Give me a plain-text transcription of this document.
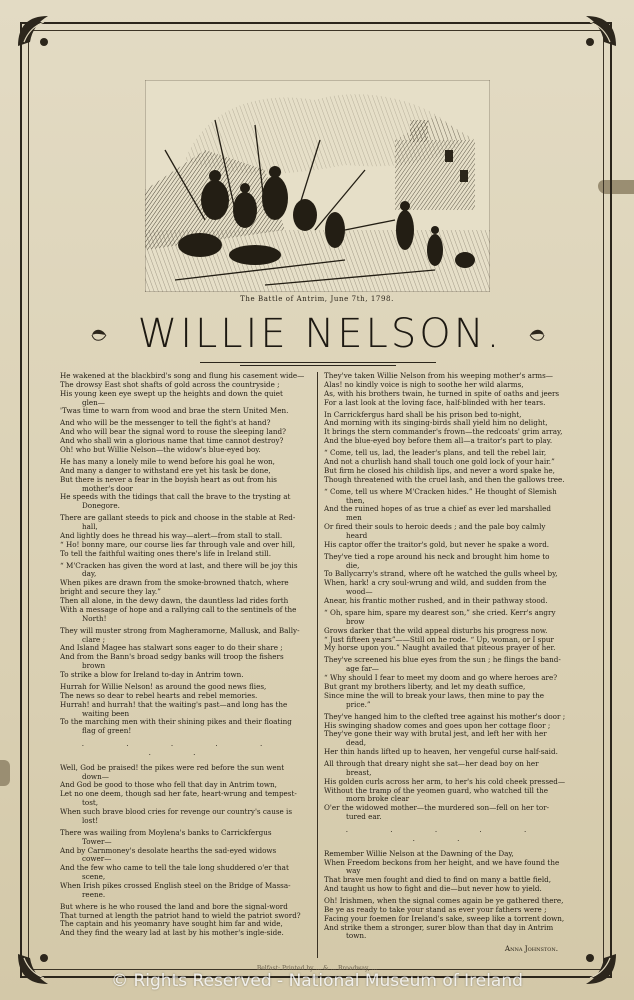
The Battle of Antrim, June 7th, 1798.
WILLIE NELSON.

He wakened at the blackbird's song and flung his casement wide—
The drowsy East shot shafts of gold across the countryside ;
His young keen eye swept up the heights and down the quiet
glen—
'Twas time to warn from wood and brae the stern United Men.

And who will be the messenger to tell the fight's at hand?
And who will bear the signal word to rouse the sleeping land?
And who shall win a glorious name that time cannot destroy?
Oh! who but Willie Nelson—the widow's blue-eyed boy.

He has many a lonely mile to wend before his goal he won,
And many a danger to withstand ere yet his task be done,
But there is never a fear in the boyish heart as out from his
mother's door
He speeds with the tidings that call the brave to the trysting at
Donegore.

There are gallant steeds to pick and choose in the stable at Red-
hall,
And lightly does he thread his way—alert—from stall to stall.
“ Ho! bonny mare, our course lies far through vale and over hill,
To tell the faithful waiting ones there's life in Ireland still.

“ M'Cracken has given the word at last, and there will be joy this
day,
When pikes are drawn from the smoke-browned thatch, where
bright and secure they lay.”
Then all alone, in the dewy dawn, the dauntless lad rides forth
With a message of hope and a rallying call to the sentinels of the
North!

They will muster strong from Magheramorne, Mallusk, and Bally-
clare ;
And Island Magee has stalwart sons eager to do their share ;
And from the Bann's broad sedgy banks will troop the fishers
brown
To strike a blow for Ireland to-day in Antrim town.

Hurrah for Willie Nelson! as around the good news flies,
The news so dear to rebel hearts and rebel memories.
Hurrah! and hurrah! that the waiting's past—and long has the
waiting been
To the marching men with their shining pikes and their floating
flag of green!

. . . . . . .

Well, God be praised! the pikes were red before the sun went
down—
And God be good to those who fell that day in Antrim town,
Let no one deem, though sad her fate, heart-wrung and tempest-
tost,
When such brave blood cries for revenge our country's cause is
lost!

There was wailing from Moylena's banks to Carrickfergus
Tower—
And by Carnmoney's desolate hearths the sad-eyed widows
cower—
And the few who came to tell the tale long shuddered o'er that
scene,
When Irish pikes crossed English steel on the Bridge of Massa-
reene.

But where is he who roused the land and bore the signal-word
That turned at length the patriot hand to wield the patriot sword?
The captain and his yeomanry have sought him far and wide,
And they find the weary lad at last by his mother's ingle-side.

They've taken Willie Nelson from his weeping mother's arms—
Alas! no kindly voice is nigh to soothe her wild alarms,
As, with his brothers twain, he turned in spite of oaths and jeers
For a last look at the loving face, half-blinded with her tears.

In Carrickfergus hard shall be his prison bed to-night,
And morning with its singing-birds shall yield him no delight,
It brings the stern commander's frown—the redcoats' grim array,
And the blue-eyed boy before them all—a traitor's part to play.

“ Come, tell us, lad, the leader's plans, and tell the rebel lair,
And not a churlish hand shall touch one gold lock of your hair.”
But firm he closed his childish lips, and never a word spake he,
Though threatened with the cruel lash, and then the gallows tree.

“ Come, tell us where M'Cracken hides.” He thought of Slemish
then,
And the ruined hopes of as true a chief as ever led marshalled
men
Or fired their souls to heroic deeds ; and the pale boy calmly
heard
His captor offer the traitor's gold, but never he spake a word.

They've tied a rope around his neck and brought him home to
die,
To Ballycarry's strand, where oft he watched the gulls wheel by,
When, hark! a cry soul-wrung and wild, and sudden from the
wood—
Anear, his frantic mother rushed, and in their pathway stood.

“ Oh, spare him, spare my dearest son,” she cried. Kerr's angry
brow
Grows darker that the wild appeal disturbs his progress now.
“ Just fifteen years”——Still on he rode. “ Up, woman, or I spur
My horse upon you.” Naught availed that piteous prayer of her.

They've screened his blue eyes from the sun ; he flings the band-
age far—
“ Why should I fear to meet my doom and go where heroes are?
But grant my brothers liberty, and let my death suffice,
Since mine the will to break your laws, then mine to pay the
price.”

They've hanged him to the clefted tree against his mother's door ;
His swinging shadow comes and goes upon her cottage floor ;
They've gone their way with brutal jest, and left her with her
dead,
Her thin hands lifted up to heaven, her vengeful curse half-said.

All through that dreary night she sat—her dead boy on her
breast,
His golden curls across her arm, to her's his cold cheek pressed—
Without the tramp of the yeomen guard, who watched till the
morn broke clear
O'er the widowed mother—the murdered son—fell on her tor-
tured ear.

. . . . . . .

Remember Willie Nelson at the Dawning of the Day,
When Freedom beckons from her height, and we have found the
way
That brave men fought and died to find on many a battle field,
And taught us how to fight and die—but never how to yield.

Oh! Irishmen, when the signal comes again be ye gathered there,
Be ye as ready to take your stand as ever your fathers were ;
Facing your foemen for Ireland's sake, sweep like a torrent down,
And strike them a stronger, surer blow than that day in Antrim
town.

Anna Johnston.
Belfast: Printed by ... & ... Broadway, ...
© Rights Reserved - National Museum of Ireland
